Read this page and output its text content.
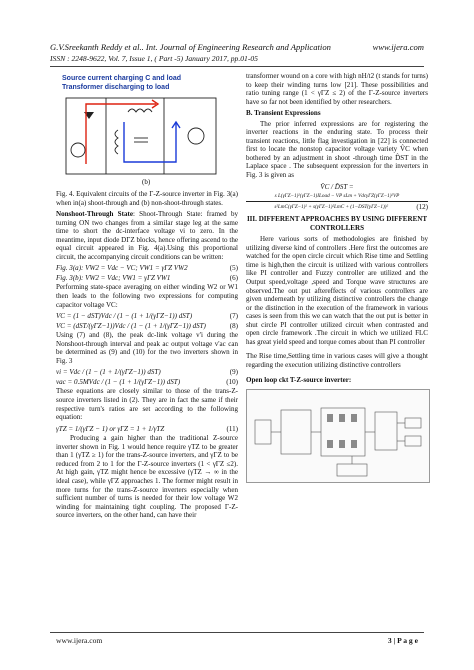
G.V.Sreekanth Reddy et al.. Int. Journal of Engineering Research and Application	www.ijera.com
ISSN : 2248-9622, Vol. 7, Issue 1, ( Part -5) January 2017, pp.01-05
Source current charging C and load
Transformer discharging to load
(b)

Fig. 4. Equivalent circuits of the Γ-Z-source inverter in Fig. 3(a) when in(a) shoot-through and (b) non-shoot-through states.

Nonshoot-Through State: Shoot-Through State: framed by turning ON two changes from a similar stage leg at the same time to short the dc-interface voltage vi to zero. In the meantime, input diode DΓZ blocks, hence offering ascend to the equal circuit appeared in Fig. 4(a).Using this proportional circuit, the accompanying circuit conditions can be written:

Fig. 3(a): VW2 = Vdc − VC; VW1 = γΓZ VW2	(5)
Fig. 3(b): VW2 = Vdc; VW1 = γΓZ VW1	(6)

Performing state-space averaging on either winding W2 or W1 then leads to the following two expressions for computing capacitor voltage VC:

VC = (1 − dST)Vdc / (1 − (1 + 1/(γΓZ−1)) dST)	(7)
VC = (dST/(γΓZ−1))Vdc / (1 − (1 + 1/(γΓZ−1)) dST)	(8)

Using (7) and (8), the peak dc-link voltage v'i during the Nonshoot-through interval and peak ac output voltage v'ac can be determined as (9) and (10) for the two inverters shown in Fig. 3

vi = Vdc / (1 − (1 + 1/(γΓZ−1)) dST)	(9)
vac = 0.5MVdc / (1 − (1 + 1/(γΓZ−1)) dST)	(10)

These equations are closely similar to those of the trans-Z-source inverters listed in (2). They are in fact the same if their respective turn's ratios are set according to the following equation:

γTZ = 1/(γΓZ − 1) or γΓZ = 1 + 1/γTZ	(11)

Producing a gain higher than the traditional Z-source inverter shown in Fig. 1 would hence require γTZ to be greater than 1 (γTZ ≥ 1) for the trans-Z-source inverters, and γΓZ to be reduced from 2 to 1 for the Γ-Z-source inverters (1 < γΓZ ≤2). At high gain, γTZ might hence be excessive (γTZ → ∞ in the ideal case), while γΓZ approaches 1. The former might result in more turns for the trans-Z-source inverters especially when sufficient number of turns is needed for their low voltage W2 winding for maintaining tight coupling. The proposed Γ-Z-source inverters, on the other hand, can have their

transformer wound on a core with high nH/t2 (t stands for turns) to keep their winding turns low [21]. These possibilities and ratio tuning range (1 < γΓZ ≤ 2) of the Γ-Z-source inverters have so far not been identified by other researchers.

B. Transient Expressions

The prior inferred expressions are for registering the inverter reactions in the enduring state. To process their transient reactions, little flag investigation in [22] is connected first to locate the nonstop capacitor voltage variety V̂C when bothered by an adjustment in shoot -through time D̂ST in the Laplace space . The subsequent expression for the inverters in Fig. 3 is given as

V̂C / D̂ST =
s L(γΓZ−1)²(γΓZ−1)ILoad − VP sLm + VdcγΓZ(γΓZ−1)²VP
s²LmC(γΓZ−1)² + s(γΓZ−1)²LmC + (1−DST(γΓZ−1))²	(12)
III. DIFFERENT APPROACHES BY USING DIFFERENT CONTROLLERS

Here various sorts of methodologies are finished by utilizing diverse kind of controllers .Here first the outcomes are watched for the open circle circuit which Rise time and Settling time is high,then the circuit is utilized with various controllers like PI controller and Fuzzy controller are utilized and the Output speed,voltage ,speed and Torque wave structures are observed.The out put aftereffects of various controllers are given underneath by utilizing distinctive controllers the change or the distinction in the execution of the framework in various cases is seen from this we can watch that the out put is better in shut circle PI controller utilized circuit when contrasted and open circle framework .The circuit in which we utilized FLC has great yield speed and torque comes about than PI controller

The Rise time,Settling time in various cases will give a thought regarding the execution utilizing distinctive controllers

Open loop ckt T-Z-source inverter:
www.ijera.com	3 | P a g e
